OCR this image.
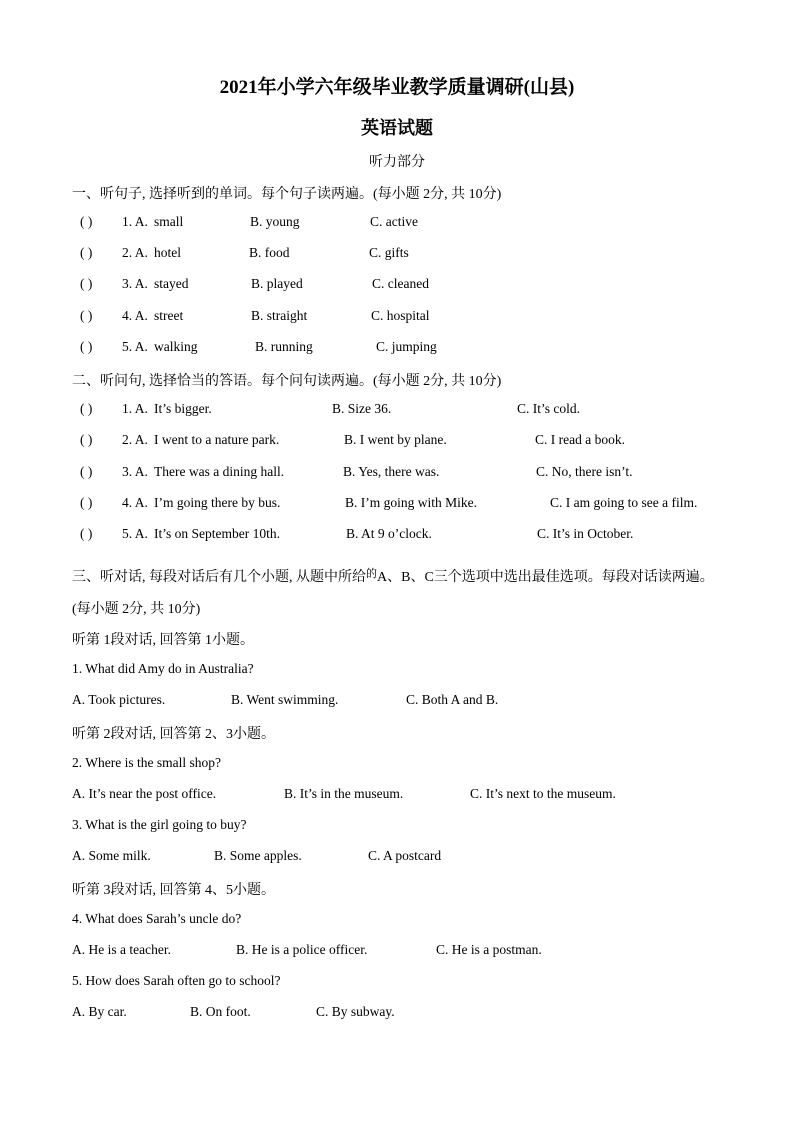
2021年小学六年级毕业教学质量调研(山县)
英语试题
听力部分
一、听句子, 选择听到的单词。每个句子读两遍。(每小题 2分, 共 10分)
( ) 1. A. small	B. young	C. active
( ) 2. A. hotel	B. food	C. gifts
( ) 3. A. stayed	B. played	C. cleaned
( ) 4. A. street	B. straight	C. hospital
( ) 5. A. walking	B. running	C. jumping
二、听问句, 选择恰当的答语。每个问句读两遍。(每小题 2分, 共 10分)
( ) 1. A. It’s bigger.	B. Size 36.	C. It’s cold.
( ) 2. A. I went to a nature park.	B. I went by plane.	C. I read a book.
( ) 3. A. There was a dining hall.	B. Yes, there was.	C. No, there isn’t.
( ) 4. A. I’m going there by bus.	B. I’m going with Mike.	C. I am going to see a film.
( ) 5. A. It’s on September 10th.	B. At 9 o’clock.	C. It’s in October.
三、听对话, 每段对话后有几个小题, 从题中所给$^的$A、B、C三个选项中选出最佳选项。每段对话读两遍。
(每小题 2分, 共 10分)
听第 1段对话, 回答第 1小题。
1. What did Amy do in Australia?
A. Took pictures.	B. Went swimming.	C. Both A and B.
听第 2段对话, 回答第 2、3小题。
2. Where is the small shop?
A. It’s near the post office.	B. It’s in the museum.	C. It’s next to the museum.
3. What is the girl going to buy?
A. Some milk.	B. Some apples.	C. A postcard
听第 3段对话, 回答第 4、5小题。
4. What does Sarah’s uncle do?
A. He is a teacher.	B. He is a police officer.	C. He is a postman.
5. How does Sarah often go to school?
A. By car.	B. On foot.	C. By subway.
